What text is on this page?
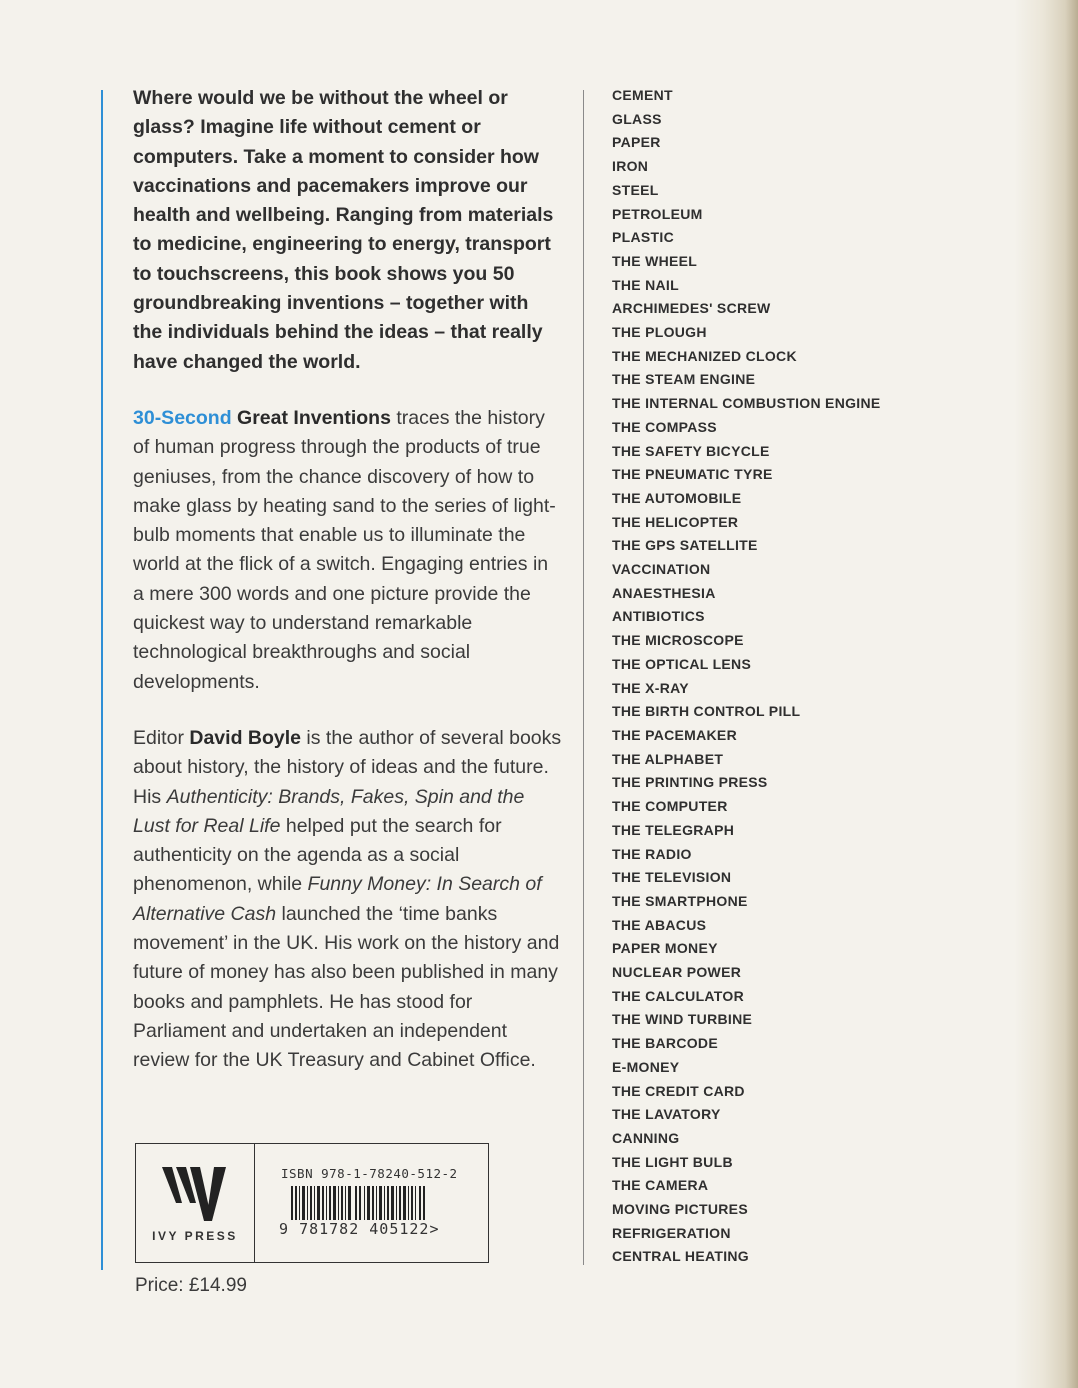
Where would we be without the wheel or glass? Imagine life without cement or computers. Take a moment to consider how vaccinations and pacemakers improve our health and wellbeing. Ranging from materials to medicine, engineering to energy, transport to touchscreens, this book shows you 50 groundbreaking inventions – together with the individuals behind the ideas – that really have changed the world.

30-Second Great Inventions traces the history of human progress through the products of true geniuses, from the chance discovery of how to make glass by heating sand to the series of light-bulb moments that enable us to illuminate the world at the flick of a switch. Engaging entries in a mere 300 words and one picture provide the quickest way to understand remarkable technological breakthroughs and social developments.

Editor David Boyle is the author of several books about history, the history of ideas and the future. His Authenticity: Brands, Fakes, Spin and the Lust for Real Life helped put the search for authenticity on the agenda as a social phenomenon, while Funny Money: In Search of Alternative Cash launched the ‘time banks movement’ in the UK. His work on the history and future of money has also been published in many books and pamphlets. He has stood for Parliament and undertaken an independent review for the UK Treasury and Cabinet Office.

IVY PRESS
ISBN 978-1-78240-512-2
9 781782 405122>
Price: £14.99
CEMENT
GLASS
PAPER
IRON
STEEL
PETROLEUM
PLASTIC
THE WHEEL
THE NAIL
ARCHIMEDES' SCREW
THE PLOUGH
THE MECHANIZED CLOCK
THE STEAM ENGINE
THE INTERNAL COMBUSTION ENGINE
THE COMPASS
THE SAFETY BICYCLE
THE PNEUMATIC TYRE
THE AUTOMOBILE
THE HELICOPTER
THE GPS SATELLITE
VACCINATION
ANAESTHESIA
ANTIBIOTICS
THE MICROSCOPE
THE OPTICAL LENS
THE X-RAY
THE BIRTH CONTROL PILL
THE PACEMAKER
THE ALPHABET
THE PRINTING PRESS
THE COMPUTER
THE TELEGRAPH
THE RADIO
THE TELEVISION
THE SMARTPHONE
THE ABACUS
PAPER MONEY
NUCLEAR POWER
THE CALCULATOR
THE WIND TURBINE
THE BARCODE
E-MONEY
THE CREDIT CARD
THE LAVATORY
CANNING
THE LIGHT BULB
THE CAMERA
MOVING PICTURES
REFRIGERATION
CENTRAL HEATING
